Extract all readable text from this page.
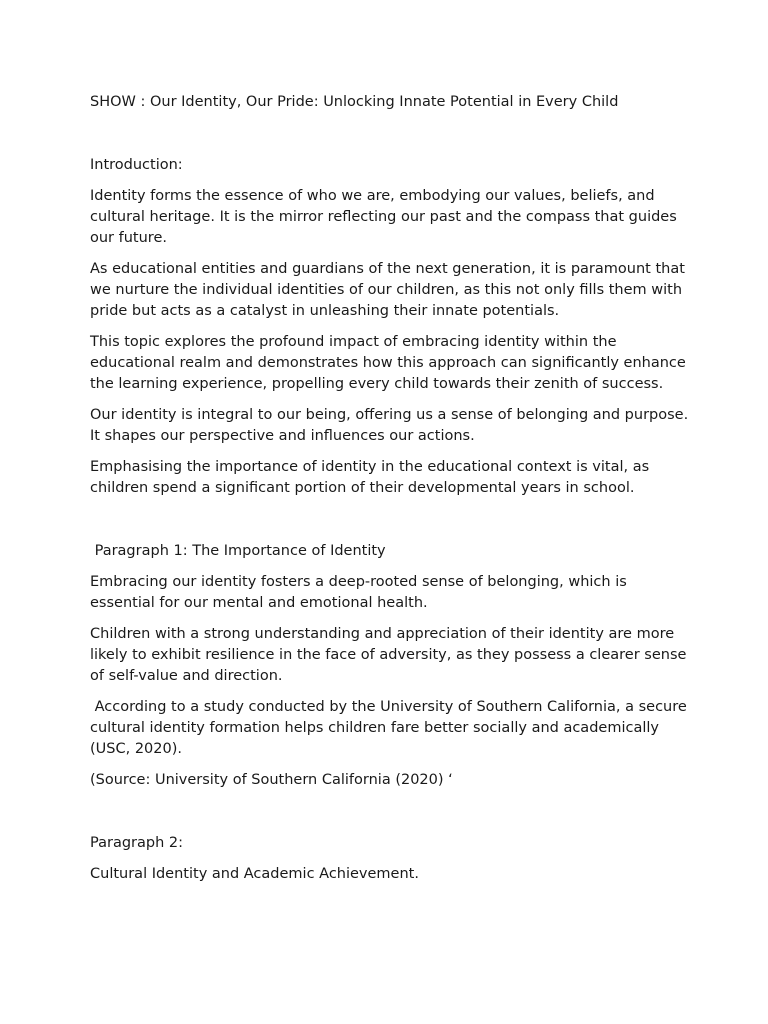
SHOW : Our Identity, Our Pride: Unlocking Innate Potential in Every Child

Introduction:

Identity forms the essence of who we are, embodying our values, beliefs, and cultural heritage. It is the mirror reflecting our past and the compass that guides our future.

As educational entities and guardians of the next generation, it is paramount that we nurture the individual identities of our children, as this not only fills them with pride but acts as a catalyst in unleashing their innate potentials.

This topic explores the profound impact of embracing identity within the educational realm and demonstrates how this approach can significantly enhance the learning experience, propelling every child towards their zenith of success.

Our identity is integral to our being, offering us a sense of belonging and purpose. It shapes our perspective and influences our actions.

Emphasising the importance of identity in the educational context is vital, as children spend a significant portion of their developmental years in school.

Paragraph 1: The Importance of Identity

Embracing our identity fosters a deep-rooted sense of belonging, which is essential for our mental and emotional health.

Children with a strong understanding and appreciation of their identity are more likely to exhibit resilience in the face of adversity, as they possess a clearer sense of self-value and direction.

According to a study conducted by the University of Southern California, a secure cultural identity formation helps children fare better socially and academically (USC, 2020).

(Source: University of Southern California (2020) ‘

Paragraph 2:

Cultural Identity and Academic Achievement.
